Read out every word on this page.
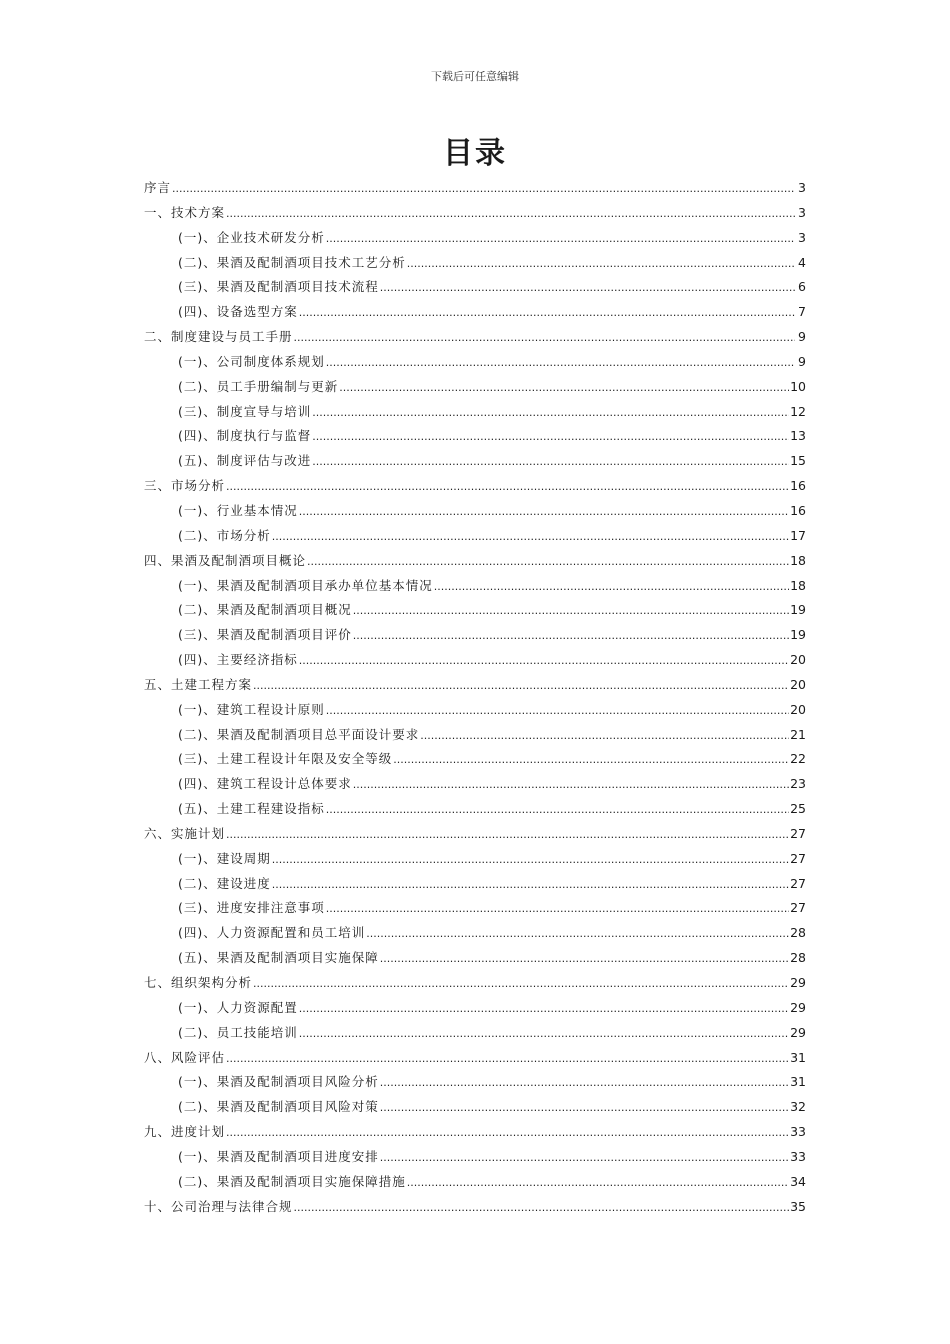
下载后可任意编辑
目录
序言 .....	3
一、技术方案 .....	3
(一)、企业技术研发分析 .....	3
(二)、果酒及配制酒项目技术工艺分析 .....	4
(三)、果酒及配制酒项目技术流程 .....	6
(四)、设备选型方案 .....	7
二、制度建设与员工手册 .....	9
(一)、公司制度体系规划 .....	9
(二)、员工手册编制与更新 .....	10
(三)、制度宣导与培训 .....	12
(四)、制度执行与监督 .....	13
(五)、制度评估与改进 .....	15
三、市场分析 .....	16
(一)、行业基本情况 .....	16
(二)、市场分析 .....	17
四、果酒及配制酒项目概论 .....	18
(一)、果酒及配制酒项目承办单位基本情况 .....	18
(二)、果酒及配制酒项目概况 .....	19
(三)、果酒及配制酒项目评价 .....	19
(四)、主要经济指标 .....	20
五、土建工程方案 .....	20
(一)、建筑工程设计原则 .....	20
(二)、果酒及配制酒项目总平面设计要求 .....	21
(三)、土建工程设计年限及安全等级 .....	22
(四)、建筑工程设计总体要求 .....	23
(五)、土建工程建设指标 .....	25
六、实施计划 .....	27
(一)、建设周期 .....	27
(二)、建设进度 .....	27
(三)、进度安排注意事项 .....	27
(四)、人力资源配置和员工培训 .....	28
(五)、果酒及配制酒项目实施保障 .....	28
七、组织架构分析 .....	29
(一)、人力资源配置 .....	29
(二)、员工技能培训 .....	29
八、风险评估 .....	31
(一)、果酒及配制酒项目风险分析 .....	31
(二)、果酒及配制酒项目风险对策 .....	32
九、进度计划 .....	33
(一)、果酒及配制酒项目进度安排 .....	33
(二)、果酒及配制酒项目实施保障措施 .....	34
十、公司治理与法律合规 .....	35
